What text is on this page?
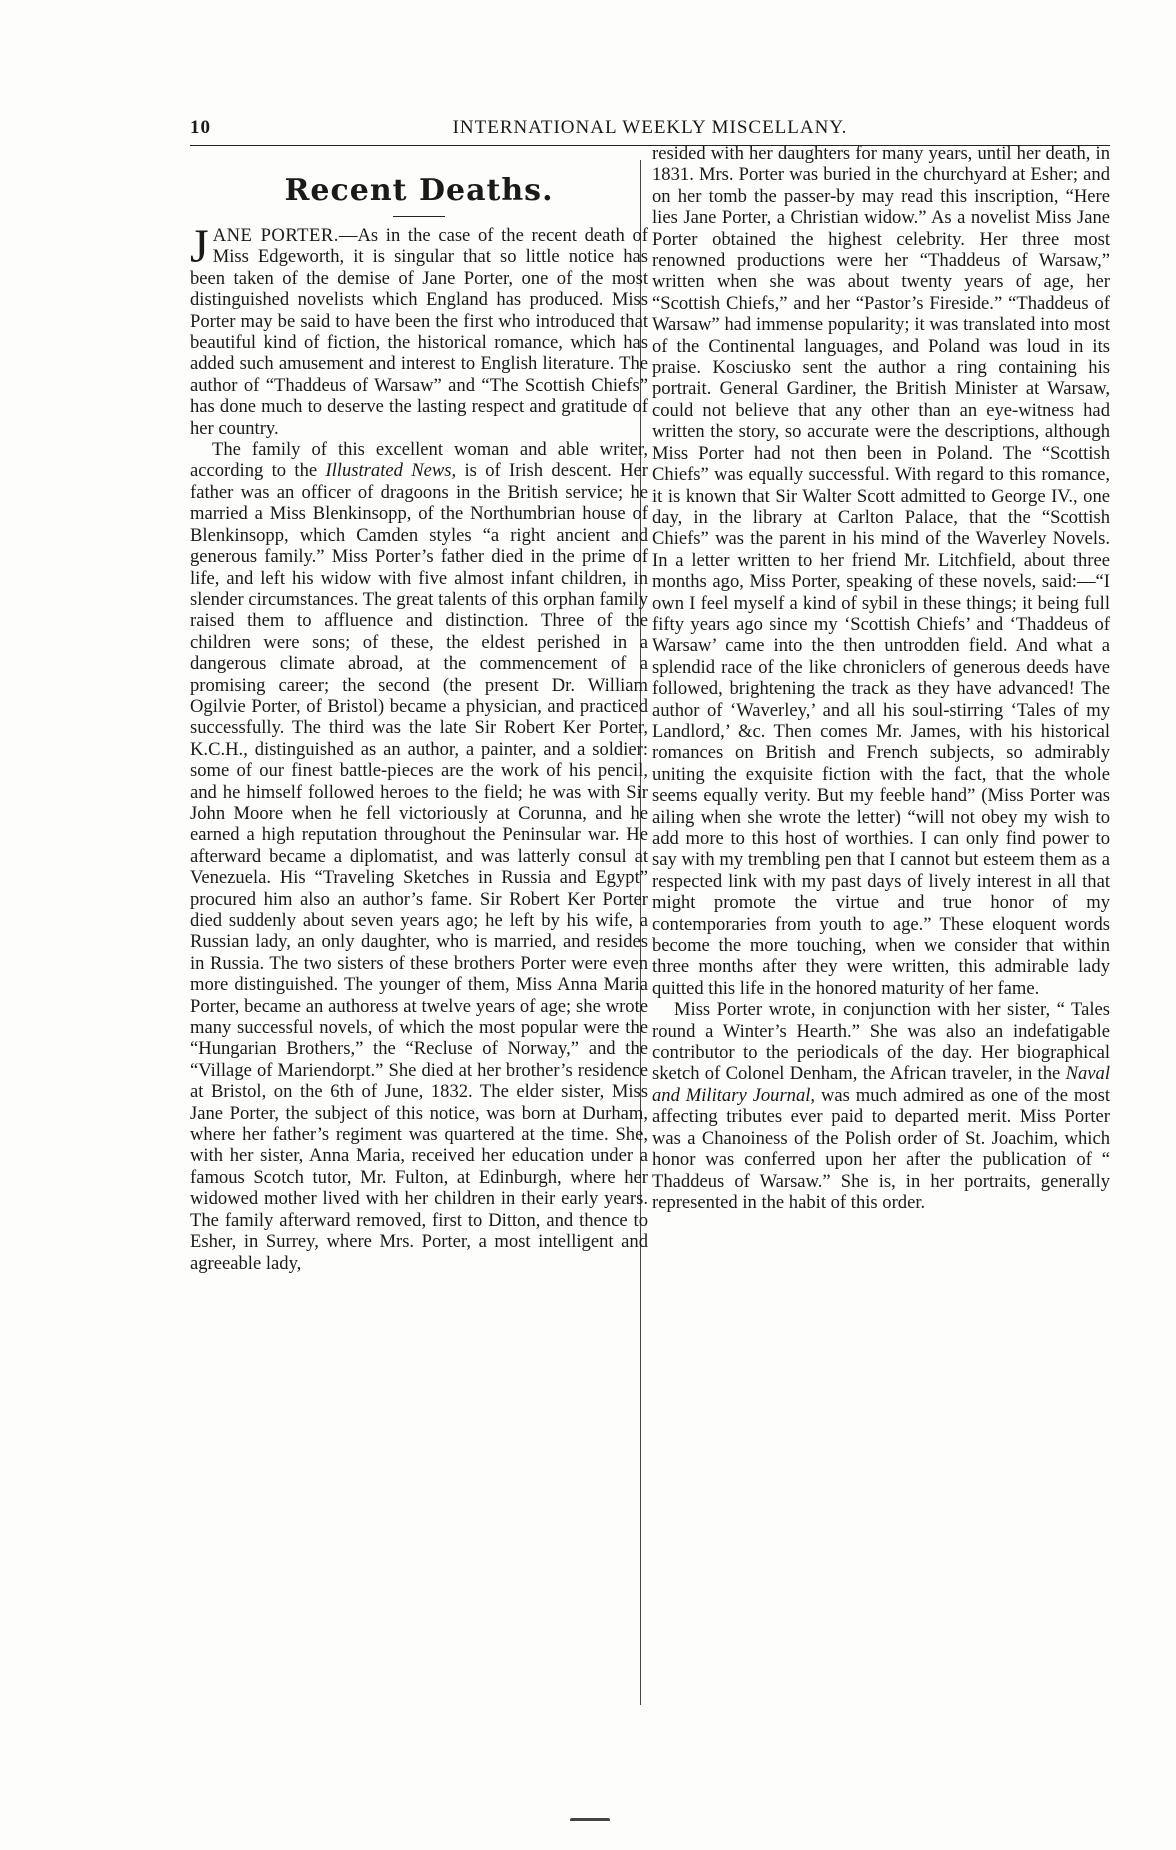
10	INTERNATIONAL WEEKLY MISCELLANY.
Recent Deaths.

JANE PORTER.—As in the case of the recent death of Miss Edgeworth, it is singular that so little notice has been taken of the demise of Jane Porter, one of the most distinguished novelists which England has produced. Miss Porter may be said to have been the first who introduced that beautiful kind of fiction, the historical romance, which has added such amusement and interest to English literature. The author of “Thaddeus of Warsaw” and “The Scottish Chiefs” has done much to deserve the lasting respect and gratitude of her country.

The family of this excellent woman and able writer, according to the Illustrated News, is of Irish descent. Her father was an officer of dragoons in the British service; he married a Miss Blenkinsopp, of the Northumbrian house of Blenkinsopp, which Camden styles “a right ancient and generous family.” Miss Porter’s father died in the prime of life, and left his widow with five almost infant children, in slender circumstances. The great talents of this orphan family raised them to affluence and distinction. Three of the children were sons; of these, the eldest perished in a dangerous climate abroad, at the commencement of a promising career; the second (the present Dr. William Ogilvie Porter, of Bristol) became a physician, and practiced successfully. The third was the late Sir Robert Ker Porter, K.C.H., distinguished as an author, a painter, and a soldier: some of our finest battle-pieces are the work of his pencil, and he himself followed heroes to the field; he was with Sir John Moore when he fell victoriously at Corunna, and he earned a high reputation throughout the Peninsular war. He afterward became a diplomatist, and was latterly consul at Venezuela. His “Traveling Sketches in Russia and Egypt” procured him also an author’s fame. Sir Robert Ker Porter died suddenly about seven years ago; he left by his wife, a Russian lady, an only daughter, who is married, and resides in Russia. The two sisters of these brothers Porter were even more distinguished. The younger of them, Miss Anna Maria Porter, became an authoress at twelve years of age; she wrote many successful novels, of which the most popular were the “Hungarian Brothers,” the “Recluse of Norway,” and the “Village of Mariendorpt.” She died at her brother’s residence at Bristol, on the 6th of June, 1832. The elder sister, Miss Jane Porter, the subject of this notice, was born at Durham, where her father’s regiment was quartered at the time. She, with her sister, Anna Maria, received her education under a famous Scotch tutor, Mr. Fulton, at Edinburgh, where her widowed mother lived with her children in their early years. The family afterward removed, first to Ditton, and thence to Esher, in Surrey, where Mrs. Porter, a most intelligent and agreeable lady,

resided with her daughters for many years, until her death, in 1831. Mrs. Porter was buried in the churchyard at Esher; and on her tomb the passer-by may read this inscription, “Here lies Jane Porter, a Christian widow.” As a novelist Miss Jane Porter obtained the highest celebrity. Her three most renowned productions were her “Thaddeus of Warsaw,” written when she was about twenty years of age, her “Scottish Chiefs,” and her “Pastor’s Fireside.” “Thaddeus of Warsaw” had immense popularity; it was translated into most of the Continental languages, and Poland was loud in its praise. Kosciusko sent the author a ring containing his portrait. General Gardiner, the British Minister at Warsaw, could not believe that any other than an eye-witness had written the story, so accurate were the descriptions, although Miss Porter had not then been in Poland. The “Scottish Chiefs” was equally successful. With regard to this romance, it is known that Sir Walter Scott admitted to George IV., one day, in the library at Carlton Palace, that the “Scottish Chiefs” was the parent in his mind of the Waverley Novels. In a letter written to her friend Mr. Litchfield, about three months ago, Miss Porter, speaking of these novels, said:—“I own I feel myself a kind of sybil in these things; it being full fifty years ago since my ‘Scottish Chiefs’ and ‘Thaddeus of Warsaw’ came into the then untrodden field. And what a splendid race of the like chroniclers of generous deeds have followed, brightening the track as they have advanced! The author of ‘Waverley,’ and all his soul-stirring ‘Tales of my Landlord,’ &c. Then comes Mr. James, with his historical romances on British and French subjects, so admirably uniting the exquisite fiction with the fact, that the whole seems equally verity. But my feeble hand” (Miss Porter was ailing when she wrote the letter) “will not obey my wish to add more to this host of worthies. I can only find power to say with my trembling pen that I cannot but esteem them as a respected link with my past days of lively interest in all that might promote the virtue and true honor of my contemporaries from youth to age.” These eloquent words become the more touching, when we consider that within three months after they were written, this admirable lady quitted this life in the honored maturity of her fame.

Miss Porter wrote, in conjunction with her sister, “ Tales round a Winter’s Hearth.” She was also an indefatigable contributor to the periodicals of the day. Her biographical sketch of Colonel Denham, the African traveler, in the Naval and Military Journal, was much admired as one of the most affecting tributes ever paid to departed merit. Miss Porter was a Chanoiness of the Polish order of St. Joachim, which honor was conferred upon her after the publication of “ Thaddeus of Warsaw.” She is, in her portraits, generally represented in the habit of this order.
